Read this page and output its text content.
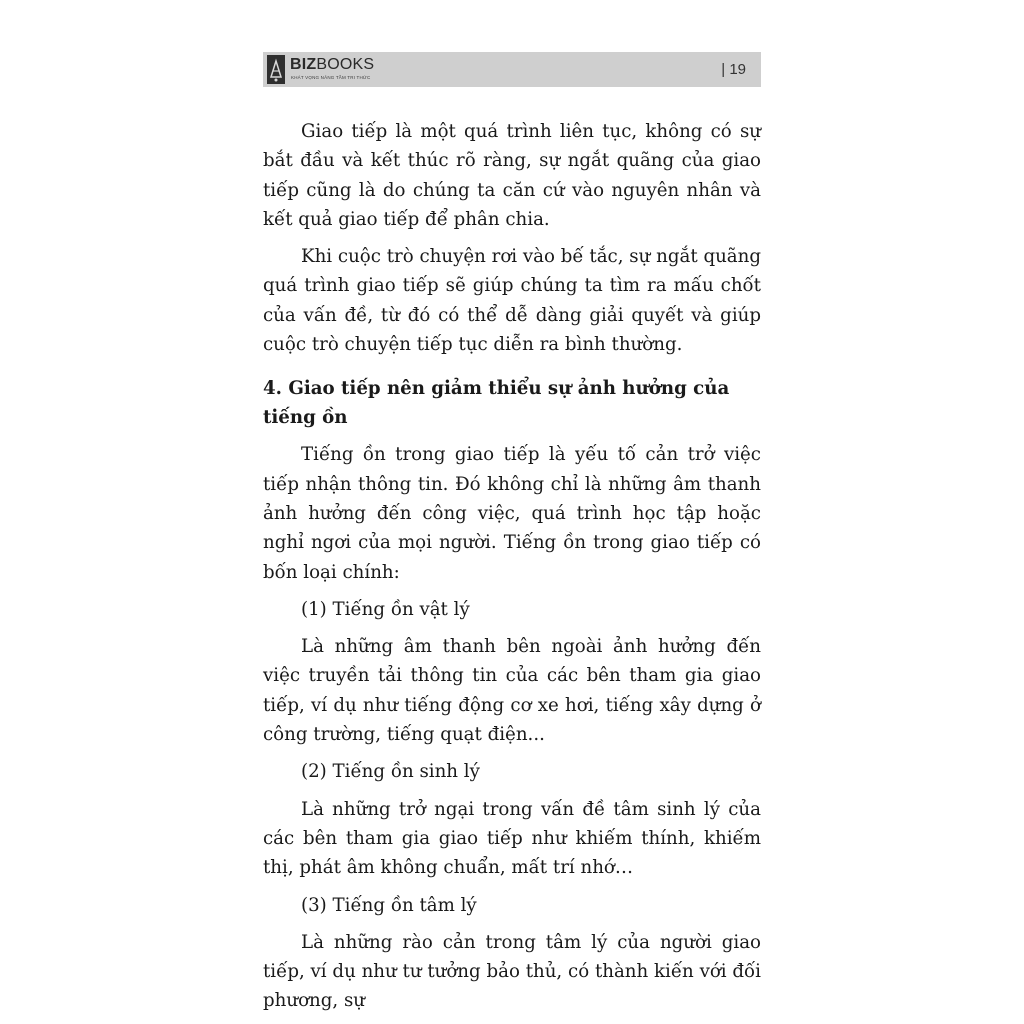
BIZBOOKS
KHÁT VỌNG NÂNG TẦM TRI THỨC	| 19

Giao tiếp là một quá trình liên tục, không có sự bắt đầu và kết thúc rõ ràng, sự ngắt quãng của giao tiếp cũng là do chúng ta căn cứ vào nguyên nhân và kết quả giao tiếp để phân chia.

Khi cuộc trò chuyện rơi vào bế tắc, sự ngắt quãng quá trình giao tiếp sẽ giúp chúng ta tìm ra mấu chốt của vấn đề, từ đó có thể dễ dàng giải quyết và giúp cuộc trò chuyện tiếp tục diễn ra bình thường.

4. Giao tiếp nên giảm thiểu sự ảnh hưởng của tiếng ồn

Tiếng ồn trong giao tiếp là yếu tố cản trở việc tiếp nhận thông tin. Đó không chỉ là những âm thanh ảnh hưởng đến công việc, quá trình học tập hoặc nghỉ ngơi của mọi người. Tiếng ồn trong giao tiếp có bốn loại chính:

(1) Tiếng ồn vật lý

Là những âm thanh bên ngoài ảnh hưởng đến việc truyền tải thông tin của các bên tham gia giao tiếp, ví dụ như tiếng động cơ xe hơi, tiếng xây dựng ở công trường, tiếng quạt điện...

(2) Tiếng ồn sinh lý

Là những trở ngại trong vấn đề tâm sinh lý của các bên tham gia giao tiếp như khiếm thính, khiếm thị, phát âm không chuẩn, mất trí nhớ…

(3) Tiếng ồn tâm lý

Là những rào cản trong tâm lý của người giao tiếp, ví dụ như tư tưởng bảo thủ, có thành kiến với đối phương, sự
